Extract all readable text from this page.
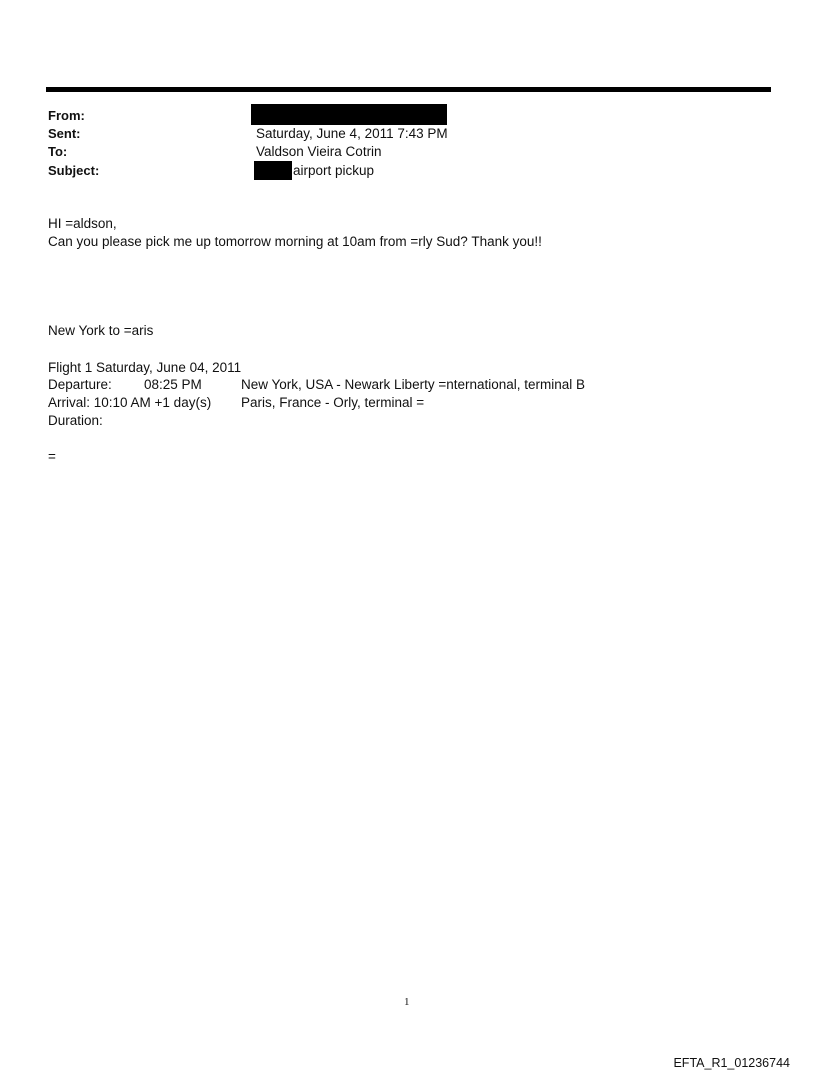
From:
Sent:	Saturday, June 4, 2011 7:43 PM
To:	Valdson Vieira Cotrin
Subject:	airport pickup
HI =aldson,
Can you please pick me up tomorrow morning at 10am from =rly Sud? Thank you!!
New York to =aris
Flight 1 Saturday, June 04, 2011
Departure: 08:25 PM	New York, USA - Newark Liberty =nternational, terminal B
Arrival: 10:10 AM +1 day(s) Paris, France - Orly, terminal =
Duration:
=
1
EFTA_R1_01236744
